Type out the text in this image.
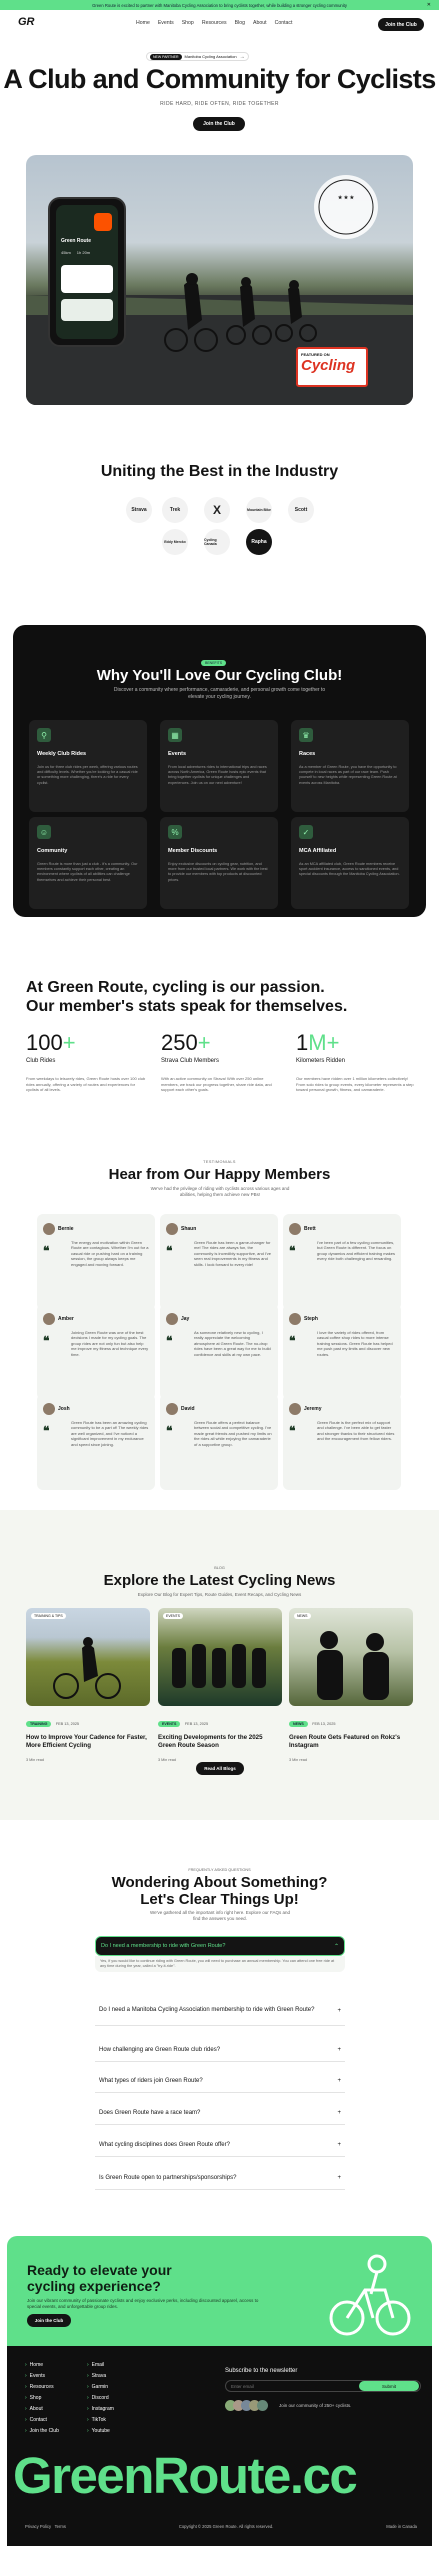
Green Route is excited to partner with Manitoba Cycling Association to bring cyclists together, while building a stronger cycling community	✕
GR	Home Events Shop Resources Blog About Contact	Join the Club
NEW PARTNER	Manitoba Cycling Association →
A Club and Community for Cyclists
RIDE HARD, RIDE OFTEN, RIDE TOGETHER
Join the Club
★ ★ ★
Green Route
45km 1h 20m
FEATURED ON
Cycling
Uniting the Best in the Industry
Strava	Trek	X	Mountain Bike	Scott
Eddy Merckx	Cycling Canada	Rapha
BENEFITS
Why You'll Love Our Cycling Club!
Discover a community where performance, camaraderie, and personal growth come together to elevate your cycling journey.
⚲
Weekly Club Rides
Join us for three club rides per week, offering various routes and difficulty levels. Whether you're looking for a casual ride or something more challenging, there's a ride for every cyclist.
▦
Events
From local adventures rides to international trips and races across North America, Green Route hosts epic events that bring together cyclists for unique challenges and experiences. Join us on our next adventure!
♛
Races
As a member of Green Route, you have the opportunity to compete in local races as part of our race team. Push yourself to new heights while representing Green Route at events across Manitoba.
☺
Community
Green Route is more than just a club - it's a community. Our members constantly support each other, creating an environment where cyclists of all abilities can challenge themselves and achieve their personal best.
%
Member Discounts
Enjoy exclusive discounts on cycling gear, nutrition, and more from our trusted local partners. We work with the best to provide our members with top products at discounted prices.
✓
MCA Affiliated
As an MCA affiliated club, Green Route members receive sport accident insurance, access to sanctioned events, and special discounts through the Manitoba Cycling Association.
At Green Route, cycling is our passion.
Our member's stats speak for themselves.
100+
Club Rides
From weekdays to leisurely rides, Green Route hosts over 100 club rides annually, offering a variety of routes and experiences for cyclists of all levels.
250+
Strava Club Members
With an active community on Strava! With over 250 online members, we track our progress together, share ride data, and support each other's goals.
1M+
Kilometers Ridden
Our members have ridden over 1 million kilometers collectively! From solo rides to group events, every kilometer represents a step toward personal growth, fitness, and camaraderie.
TESTIMONIALS
Hear from Our Happy Members
We've had the privilege of riding with cyclists across various ages and abilities, helping them achieve new PBs!
Bernie
❝
The energy and motivation within Green Route are contagious. Whether I'm out for a casual ride or pushing hard on a training session, the group always keeps me engaged and moving forward.
Shaun
❝
Green Route has been a game-changer for me! The rides are always fun, the community is incredibly supportive, and I've seen real improvements in my fitness and skills. I look forward to every ride!
Brett
❝
I've been part of a few cycling communities, but Green Route is different. The focus on group dynamics and efficient training makes every ride both challenging and rewarding.
Amber
❝
Joining Green Route was one of the best decisions I made for my cycling goals. The group rides are not only fun but also help me improve my fitness and technique every time.
Jay
❝
As someone relatively new to cycling, I really appreciate the welcoming atmosphere at Green Route. The no-drop rides have been a great way for me to build confidence and skills at my own pace.
Steph
❝
I love the variety of rides offered, from casual coffee shop rides to more intense training sessions. Green Route has helped me push past my limits and discover new routes.
Josh
❝
Green Route has been an amazing cycling community to be a part of! The weekly rides are well organized, and I've noticed a significant improvement in my endurance and speed since joining.
David
❝
Green Route offers a perfect balance between social and competitive cycling. I've made great friends and pushed my limits on the rides all while enjoying the camaraderie of a supportive group.
Jeremy
❝
Green Route is the perfect mix of support and challenge. I've been able to get faster and stronger thanks to their structured rides and the encouragement from fellow riders.
BLOG
Explore the Latest Cycling News
Explore Our Blog for Expert Tips, Route Guides, Event Recaps, and Cycling News
TRAINING & TIPS
TRAINING FEB 13, 2025
How to Improve Your Cadence for Faster, More Efficient Cycling
3 Min read
EVENTS
EVENTS FEB 13, 2025
Exciting Developments for the 2025 Green Route Season
3 Min read
NEWS
NEWS FEB 13, 2025
Green Route Gets Featured on Rokz's Instagram
3 Min read
Read All Blogs
FREQUENTLY ASKED QUESTIONS
Wondering About Something?
Let's Clear Things Up!
We've gathered all the important info right here. Explore our FAQs and find the answers you need.
Do I need a membership to ride with Green Route?	⌃
Yes, if you would like to continue riding with Green Route, you will need to purchase an annual membership. You can attend one free ride at any time during the year, called a "try-it-ride".
Do I need a Manitoba Cycling Association membership to ride with Green Route?	+
How challenging are Green Route club rides?	+
What types of riders join Green Route?	+
Does Green Route have a race team?	+
What cycling disciplines does Green Route offer?	+
Is Green Route open to partnerships/sponsorships?	+
Ready to elevate your
cycling experience?
Join our vibrant community of passionate cyclists and enjoy exclusive perks, including discounted apparel, access to special events, and unforgettable group rides.
Join the Club
› Home
› Events
› Resources
› Shop
› About
› Contact
› Join the Club
› Email
› Strava
› Garmin
› Discord
› Instagram
› TikTok
› Youtube
Subscribe to the newsletter
Enter email
Submit
Join our community of 250+ cyclists.
GreenRoute.cc
Privacy Policy Terms	Copyright © 2025 Green Route. All rights reserved.	Made in Canada
